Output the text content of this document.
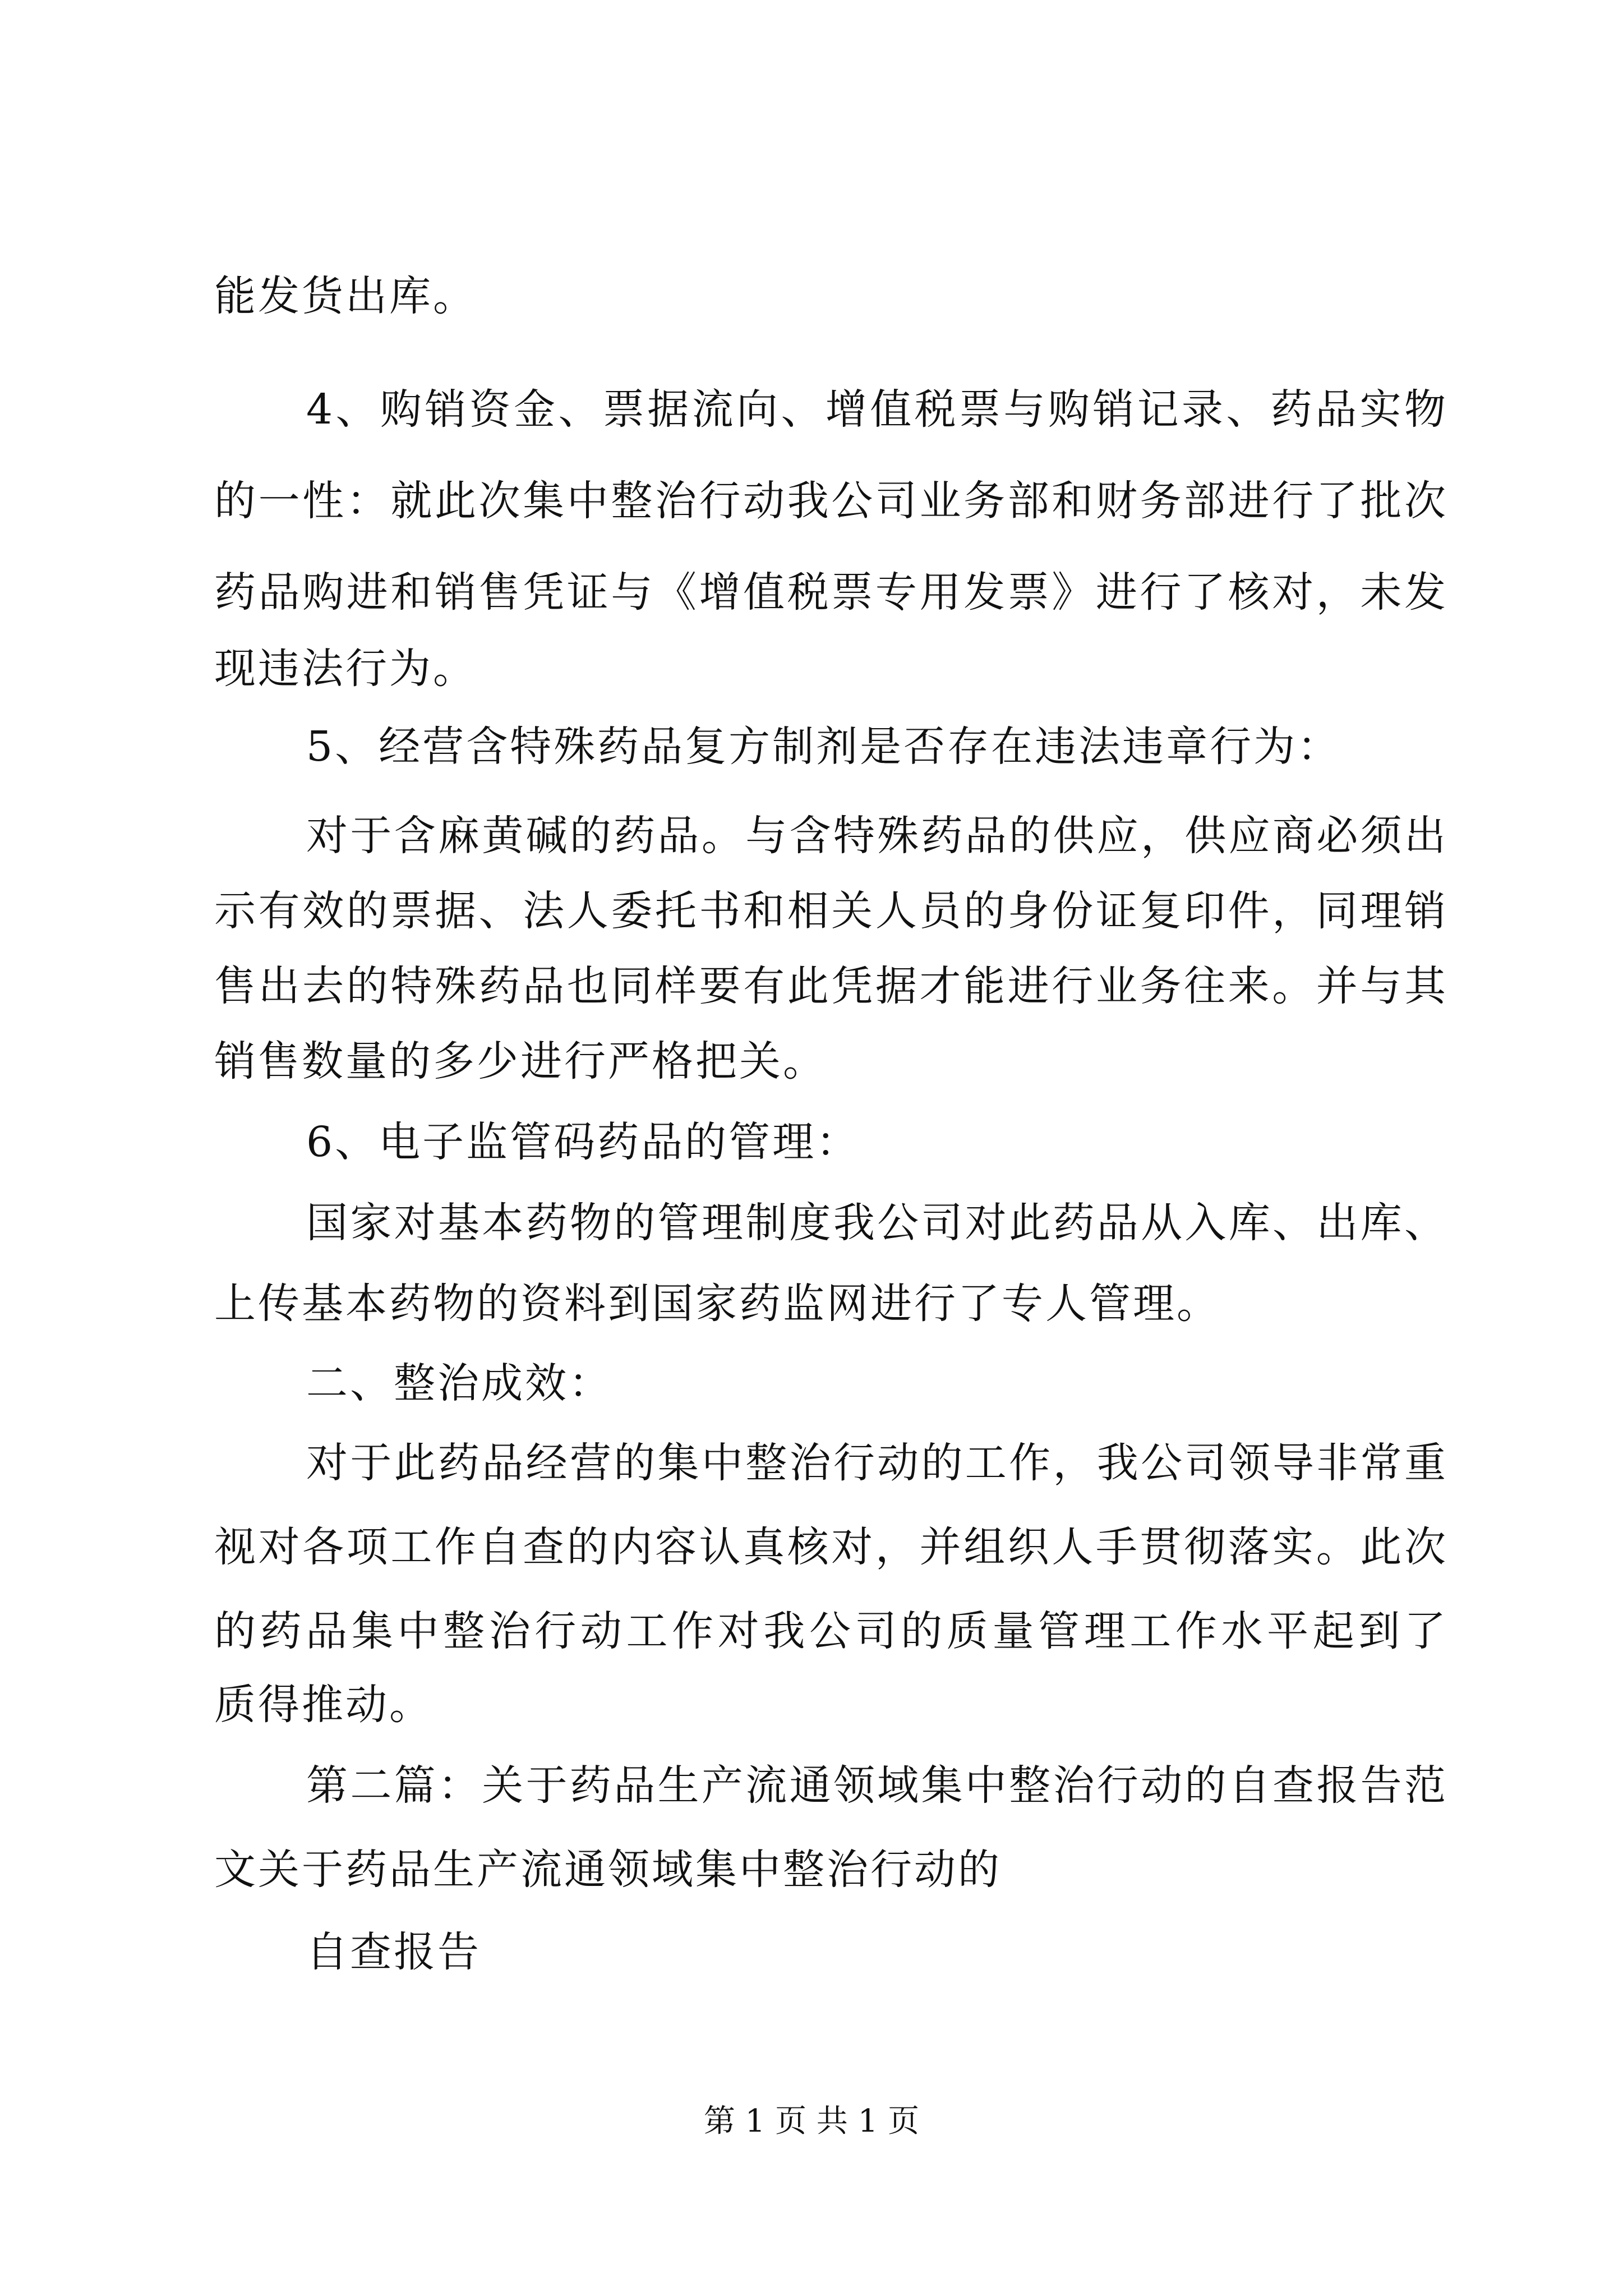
能发货出库。
4、购销资金、票据流向、增值税票与购销记录、药品实物
的一性：就此次集中整治行动我公司业务部和财务部进行了批次
药品购进和销售凭证与《增值税票专用发票》进行了核对，未发
现违法行为。
5、经营含特殊药品复方制剂是否存在违法违章行为：
对于含麻黄碱的药品。与含特殊药品的供应，供应商必须出
示有效的票据、法人委托书和相关人员的身份证复印件，同理销
售出去的特殊药品也同样要有此凭据才能进行业务往来。并与其
销售数量的多少进行严格把关。
6、电子监管码药品的管理：
国家对基本药物的管理制度我公司对此药品从入库、出库、
上传基本药物的资料到国家药监网进行了专人管理。
二、整治成效：
对于此药品经营的集中整治行动的工作，我公司领导非常重
视对各项工作自查的内容认真核对，并组织人手贯彻落实。此次
的药品集中整治行动工作对我公司的质量管理工作水平起到了
质得推动。
第二篇：关于药品生产流通领域集中整治行动的自查报告范
文关于药品生产流通领域集中整治行动的
自查报告
第 1 页 共 1 页
